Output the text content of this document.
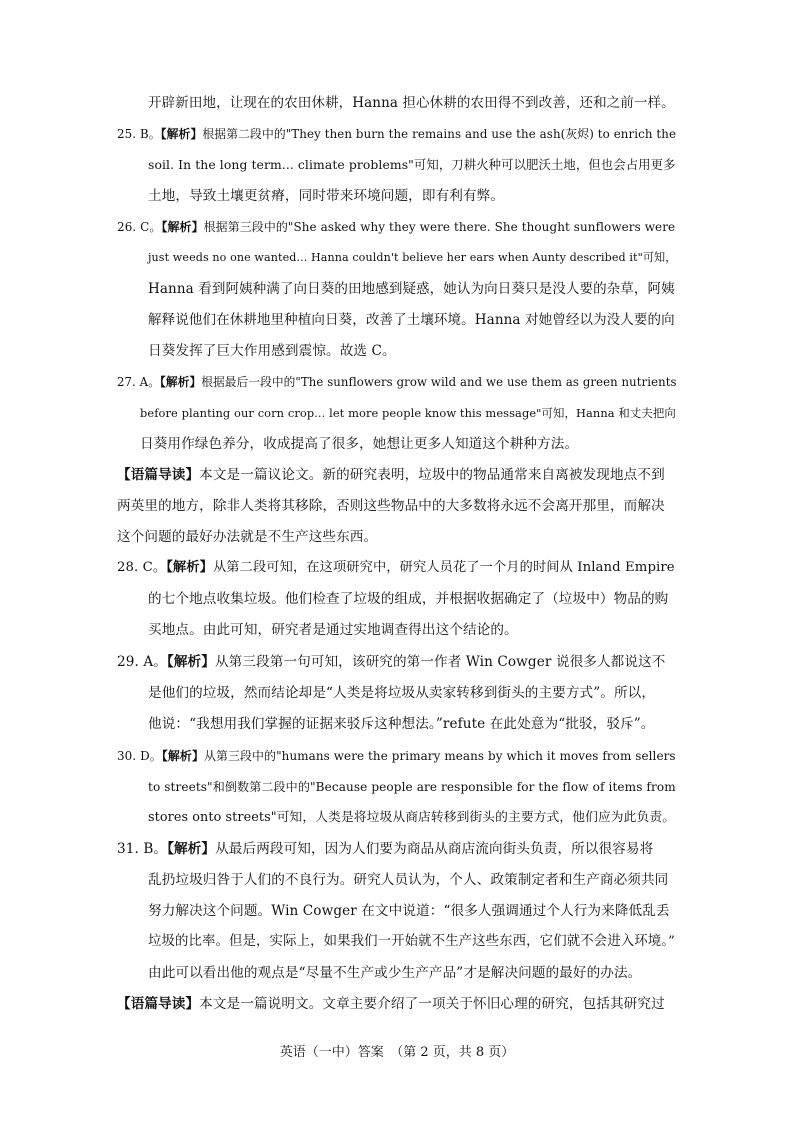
开辟新田地，让现在的农田休耕，Hanna 担心休耕的农田得不到改善，还和之前一样。
25. B。【解析】根据第二段中的"They then burn the remains and use the ash(灰烬) to enrich the
soil. In the long term... climate problems"可知，刀耕火种可以肥沃土地，但也会占用更多
土地，导致土壤更贫瘠，同时带来环境问题，即有利有弊。
26. C。【解析】根据第三段中的"She asked why they were there. She thought sunflowers were
just weeds no one wanted... Hanna couldn't believe her ears when Aunty described it"可知，
Hanna 看到阿姨种满了向日葵的田地感到疑惑，她认为向日葵只是没人要的杂草，阿姨
解释说他们在休耕地里种植向日葵，改善了土壤环境。Hanna 对她曾经以为没人要的向
日葵发挥了巨大作用感到震惊。故选 C。
27. A。【解析】根据最后一段中的"The sunflowers grow wild and we use them as green nutrients
before planting our corn crop... let more people know this message"可知，Hanna 和丈夫把向
日葵用作绿色养分，收成提高了很多，她想让更多人知道这个耕种方法。
【语篇导读】本文是一篇议论文。新的研究表明，垃圾中的物品通常来自离被发现地点不到
两英里的地方，除非人类将其移除，否则这些物品中的大多数将永远不会离开那里，而解决
这个问题的最好办法就是不生产这些东西。
28. C。【解析】从第二段可知，在这项研究中，研究人员花了一个月的时间从 Inland Empire
的七个地点收集垃圾。他们检查了垃圾的组成，并根据收据确定了（垃圾中）物品的购
买地点。由此可知，研究者是通过实地调查得出这个结论的。
29. A。【解析】从第三段第一句可知，该研究的第一作者 Win Cowger 说很多人都说这不
是他们的垃圾，然而结论却是“人类是将垃圾从卖家转移到街头的主要方式”。所以，
他说：“我想用我们掌握的证据来驳斥这种想法。”refute 在此处意为“批驳，驳斥”。
30. D。【解析】从第三段中的"humans were the primary means by which it moves from sellers
to streets"和倒数第二段中的"Because people are responsible for the flow of items from
stores onto streets"可知，人类是将垃圾从商店转移到街头的主要方式，他们应为此负责。
31. B。【解析】从最后两段可知，因为人们要为商品从商店流向街头负责，所以很容易将
乱扔垃圾归咎于人们的不良行为。研究人员认为，个人、政策制定者和生产商必须共同
努力解决这个问题。Win Cowger 在文中说道：“很多人强调通过个人行为来降低乱丢
垃圾的比率。但是，实际上，如果我们一开始就不生产这些东西，它们就不会进入环境。”
由此可以看出他的观点是“尽量不生产或少生产产品”才是解决问题的最好的办法。
【语篇导读】本文是一篇说明文。文章主要介绍了一项关于怀旧心理的研究，包括其研究过
英语（一中）答案　（第 2 页，共 8 页）
